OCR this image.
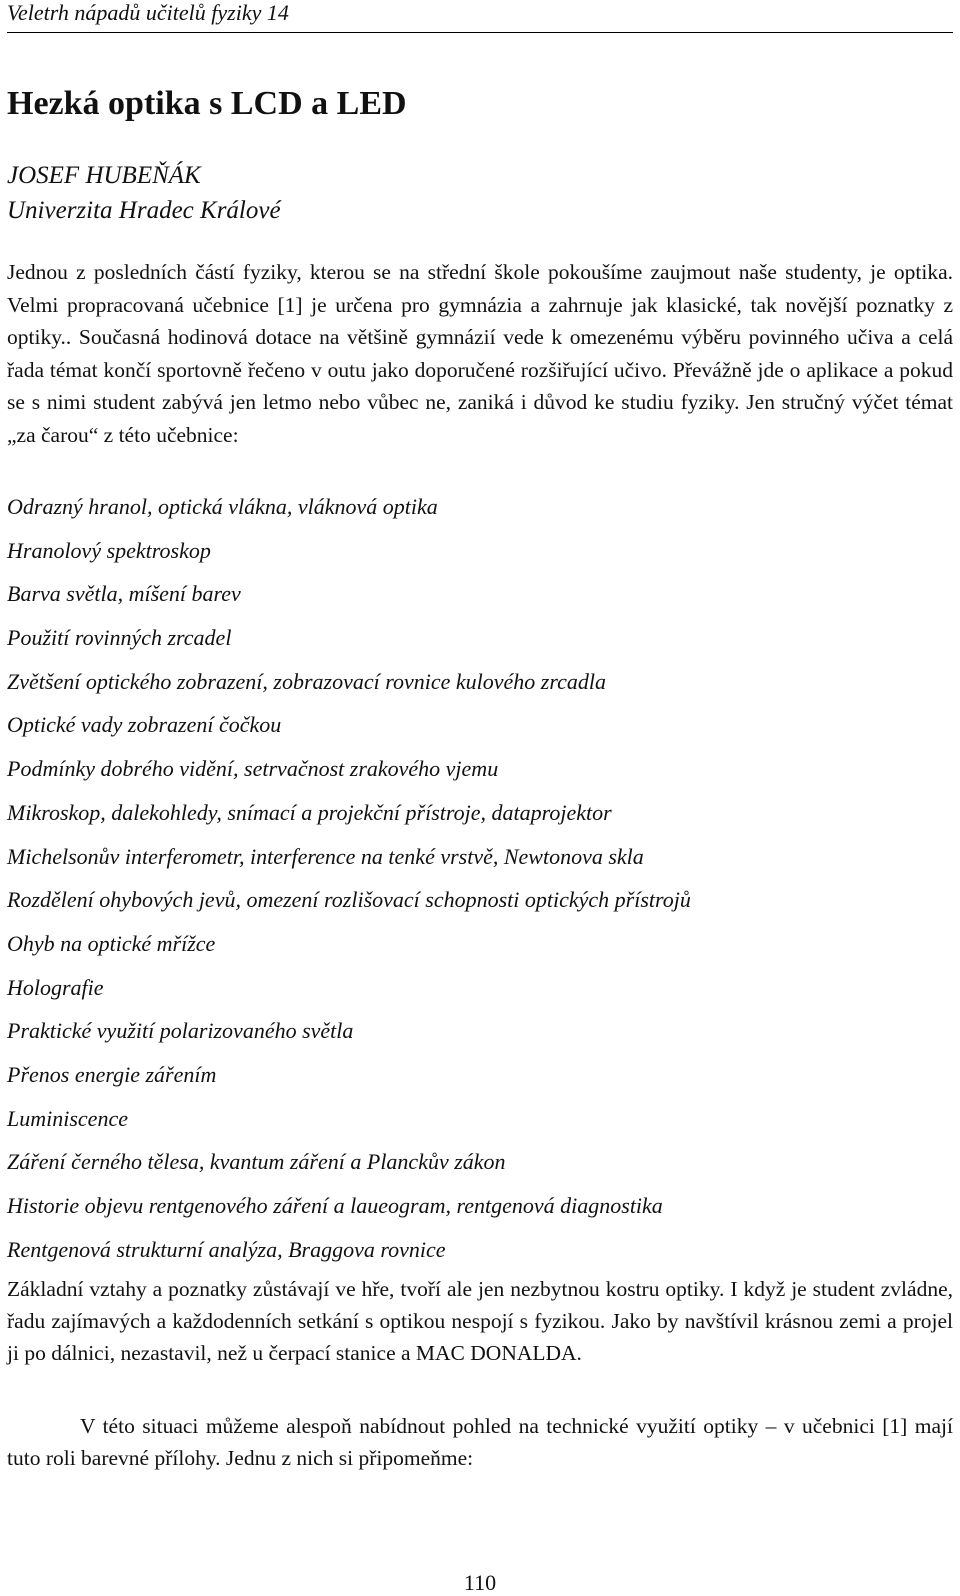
Veletrh nápadů učitelů fyziky 14
Hezká optika s LCD a LED
JOSEF HUBEŇÁK
Univerzita Hradec Králové

Jednou z posledních částí fyziky, kterou se na střední škole pokoušíme zaujmout naše studenty, je optika. Velmi propracovaná učebnice [1] je určena pro gymnázia a zahrnuje jak klasické, tak novější poznatky z optiky.. Současná hodinová dotace na většině gymnázií vede k omezenému výběru povinného učiva a celá řada témat končí sportovně řečeno v outu jako doporučené rozšiřující učivo. Převážně jde o aplikace a pokud se s nimi student zabývá jen letmo nebo vůbec ne, zaniká i důvod ke studiu fyziky. Jen stručný výčet témat „za čarou“ z této učebnice:

Odrazný hranol, optická vlákna, vláknová optika
Hranolový spektroskop
Barva světla, míšení barev
Použití rovinných zrcadel
Zvětšení optického zobrazení, zobrazovací rovnice kulového zrcadla
Optické vady zobrazení čočkou
Podmínky dobrého vidění, setrvačnost zrakového vjemu
Mikroskop, dalekohledy, snímací a projekční přístroje, dataprojektor
Michelsonův interferometr, interference na tenké vrstvě, Newtonova skla
Rozdělení ohybových jevů, omezení rozlišovací schopnosti optických přístrojů
Ohyb na optické mřížce
Holografie
Praktické využití polarizovaného světla
Přenos energie zářením
Luminiscence
Záření černého tělesa, kvantum záření a Planckův zákon
Historie objevu rentgenového záření a laueogram, rentgenová diagnostika
Rentgenová strukturní analýza, Braggova rovnice

Základní vztahy a poznatky zůstávají ve hře, tvoří ale jen nezbytnou kostru optiky. I když je student zvládne, řadu zajímavých a každodenních setkání s optikou nespojí s fyzikou. Jako by navštívil krásnou zemi a projel ji po dálnici, nezastavil, než u čerpací stanice a MAC DONALDA.

V této situaci můžeme alespoň nabídnout pohled na technické využití optiky – v učebnici [1] mají tuto roli barevné přílohy. Jednu z nich si připomeňme:

110
